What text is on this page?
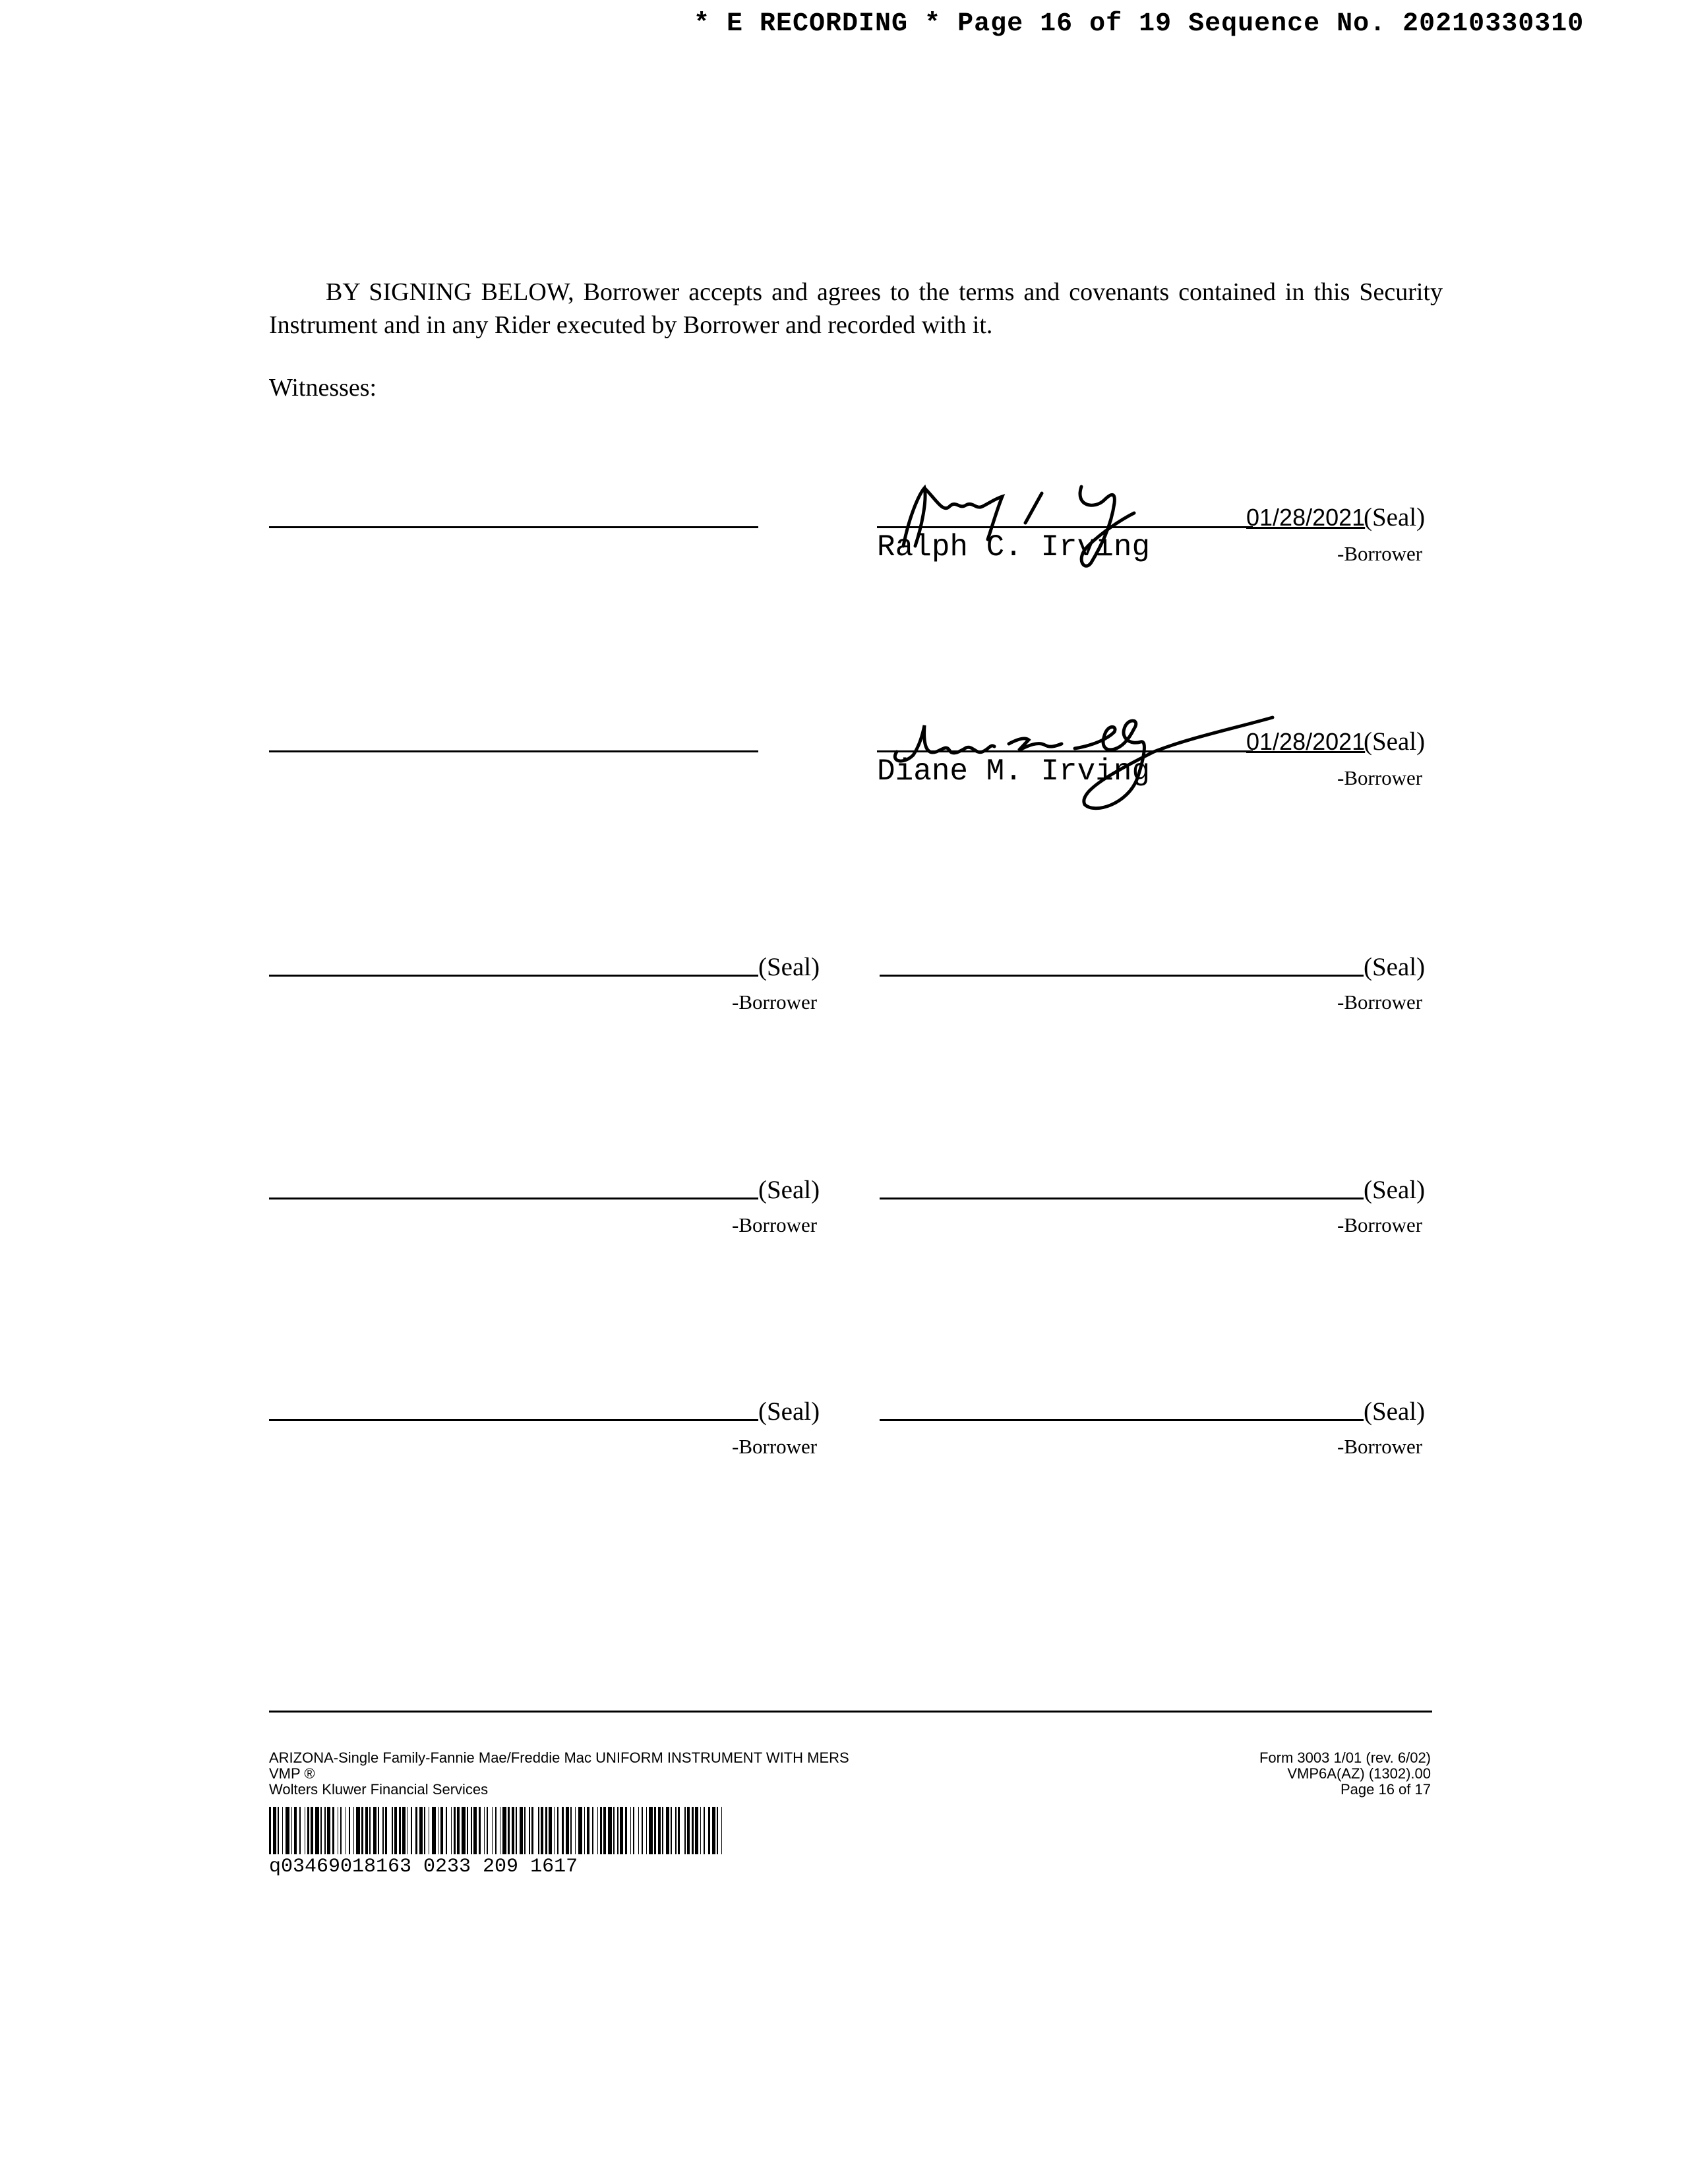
* E RECORDING * Page 16 of 19 Sequence No. 20210330310

BY SIGNING BELOW, Borrower accepts and agrees to the terms and covenants contained in this Security Instrument and in any Rider executed by Borrower and recorded with it.

Witnesses:
01/28/2021
(Seal)
Ralph C. Irving	-Borrower
01/28/2021
(Seal)
Diane M. Irving	-Borrower
(Seal)
-Borrower
(Seal)
-Borrower
(Seal)
-Borrower
(Seal)
-Borrower
(Seal)
-Borrower
(Seal)
-Borrower
ARIZONA-Single Family-Fannie Mae/Freddie Mac UNIFORM INSTRUMENT WITH MERS
VMP ®
Wolters Kluwer Financial Services
Form 3003 1/01 (rev. 6/02)
VMP6A(AZ) (1302).00
Page 16 of 17
q03469018163 0233 209 1617
